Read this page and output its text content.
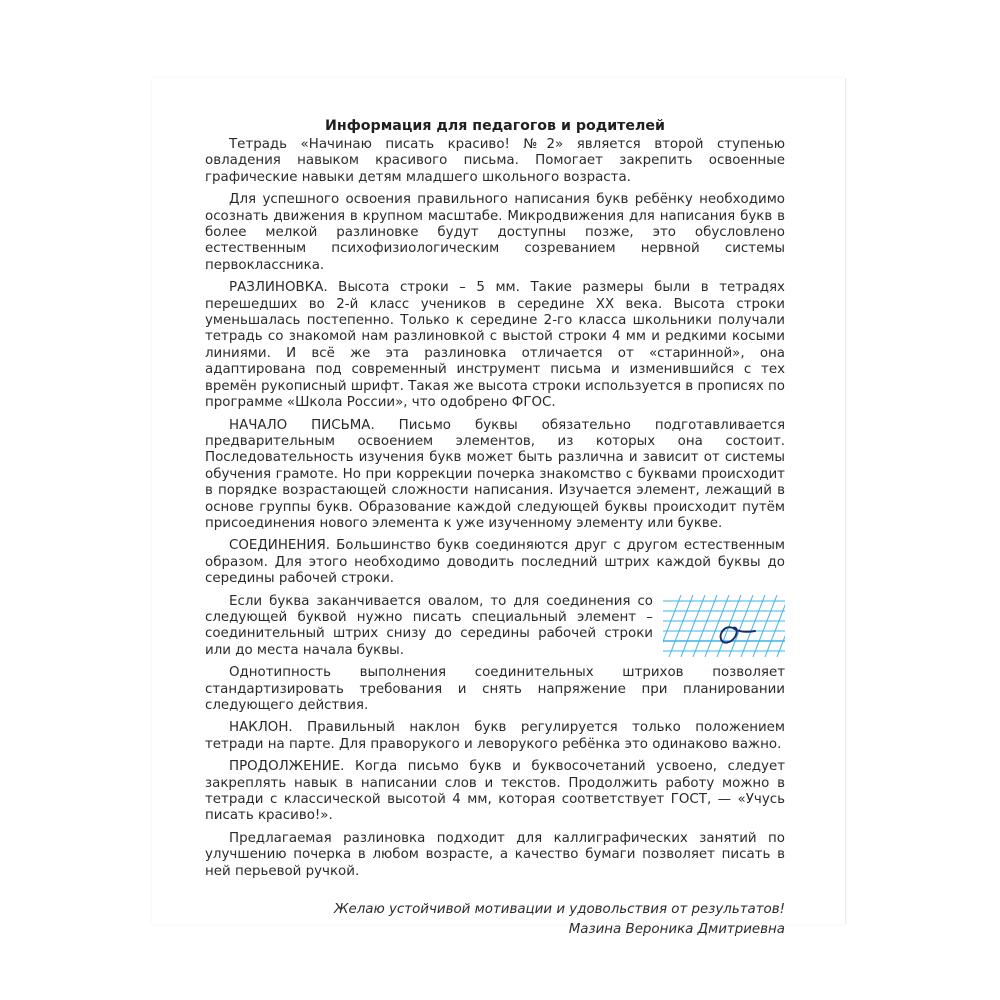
Информация для педагогов и родителей
Тетрадь «Начинаю писать красиво! №2» является второй ступенью овладения навыком красивого письма. Помогает закрепить освоенные графические навыки детям младшего школьного возраста.
Для успешного освоения правильного написания букв ребёнку необходимо осознать движения в крупном масштабе. Микродвижения для написания букв в более мелкой разлиновке будут доступны позже, это обусловлено естественным психофизиологическим созреванием нервной системы первоклассника.
РАЗЛИНОВКА. Высота строки – 5 мм. Такие размеры были в тетрадях перешедших во 2-й класс учеников в середине XX века. Высота строки уменьшалась постепенно. Только к середине 2-го класса школьники получали тетрадь со знакомой нам разлиновкой с выстой строки 4 мм и редкими косыми линиями. И всё же эта разлиновка отличается от «старинной», она адаптирована под современный инструмент письма и изменившийся с тех времён рукописный шрифт. Такая же высота строки используется в прописях по программе «Школа России», что одобрено ФГОС.
НАЧАЛО ПИСЬМА. Письмо буквы обязательно подготавливается предварительным освоением элементов, из которых она состоит. Последовательность изучения букв может быть различна и зависит от системы обучения грамоте. Но при коррекции почерка знакомство с буквами происходит в порядке возрастающей сложности написания. Изучается элемент, лежащий в основе группы букв. Образование каждой следующей буквы происходит путём присоединения нового элемента к уже изученному элементу или букве.
СОЕДИНЕНИЯ. Большинство букв соединяются друг с другом естественным образом. Для этого необходимо доводить последний штрих каждой буквы до середины рабочей строки.
Если буква заканчивается овалом, то для соединения со следующей буквой нужно писать специальный элемент – соединительный штрих снизу до середины рабочей строки или до места начала буквы.
Однотипность выполнения соединительных штрихов позволяет стандартизировать требования и снять напряжение при планировании следующего действия.
НАКЛОН. Правильный наклон букв регулируется только положением тетради на парте. Для праворукого и леворукого ребёнка это одинаково важно.
ПРОДОЛЖЕНИЕ. Когда письмо букв и буквосочетаний усвоено, следует закреплять навык в написании слов и текстов. Продолжить работу можно в тетради с классической высотой 4 мм, которая соответствует ГОСТ, — «Учусь писать красиво!».
Предлагаемая разлиновка подходит для каллиграфических занятий по улучшению почерка в любом возрасте, а качество бумаги позволяет писать в ней перьевой ручкой.
Желаю устойчивой мотивации и удовольствия от результатов!
Мазина Вероника Дмитриевна
